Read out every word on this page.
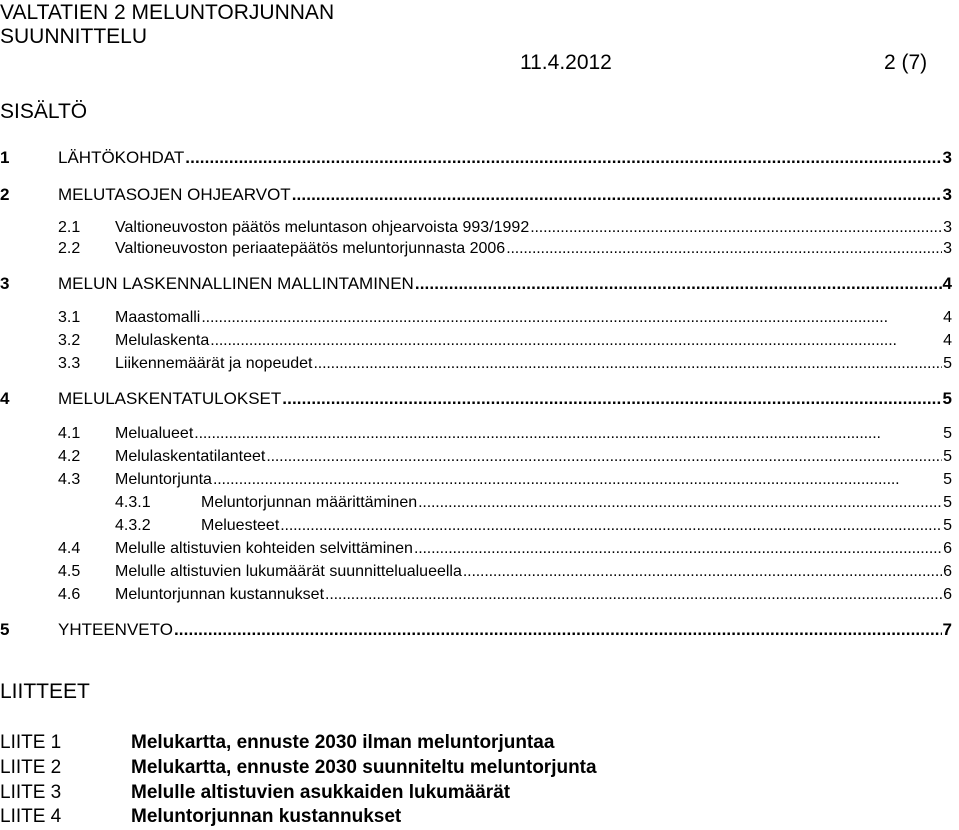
VALTATIEN 2 MELUNTORJUNNAN
SUUNNITTELU
11.4.2012	2 (7)
SISÄLTÖ
1	LÄHTÖKOHDAT . . .	3
2	MELUTASOJEN OHJEARVOT . . .	3
2.1 Valtioneuvoston päätös meluntason ohjearvoista 993/1992 . . .	3
2.2 Valtioneuvoston periaatepäätös meluntorjunnasta 2006 . . .	3
3	MELUN LASKENNALLINEN MALLINTAMINEN . . .	4
3.1 Maastomalli . . .	4
3.2 Melulaskenta . . .	4
3.3 Liikennemäärät ja nopeudet . . .	5
4	MELULASKENTATULOKSET . . .	5
4.1 Melualueet . . .	5
4.2 Melulaskentatilanteet . . .	5
4.3 Meluntorjunta . . .	5
4.3.1	Meluntorjunnan määrittäminen . . .	5
4.3.2	Meluesteet . . .	5
4.4 Melulle altistuvien kohteiden selvittäminen . . .	6
4.5 Melulle altistuvien lukumäärät suunnittelualueella . . .	6
4.6 Meluntorjunnan kustannukset . . .	6
5	YHTEENVETO . . .	7
LIITTEET
LIITE 1	Melukartta, ennuste 2030 ilman meluntorjuntaa
LIITE 2	Melukartta, ennuste 2030 suunniteltu meluntorjunta
LIITE 3	Melulle altistuvien asukkaiden lukumäärät
LIITE 4	Meluntorjunnan kustannukset
